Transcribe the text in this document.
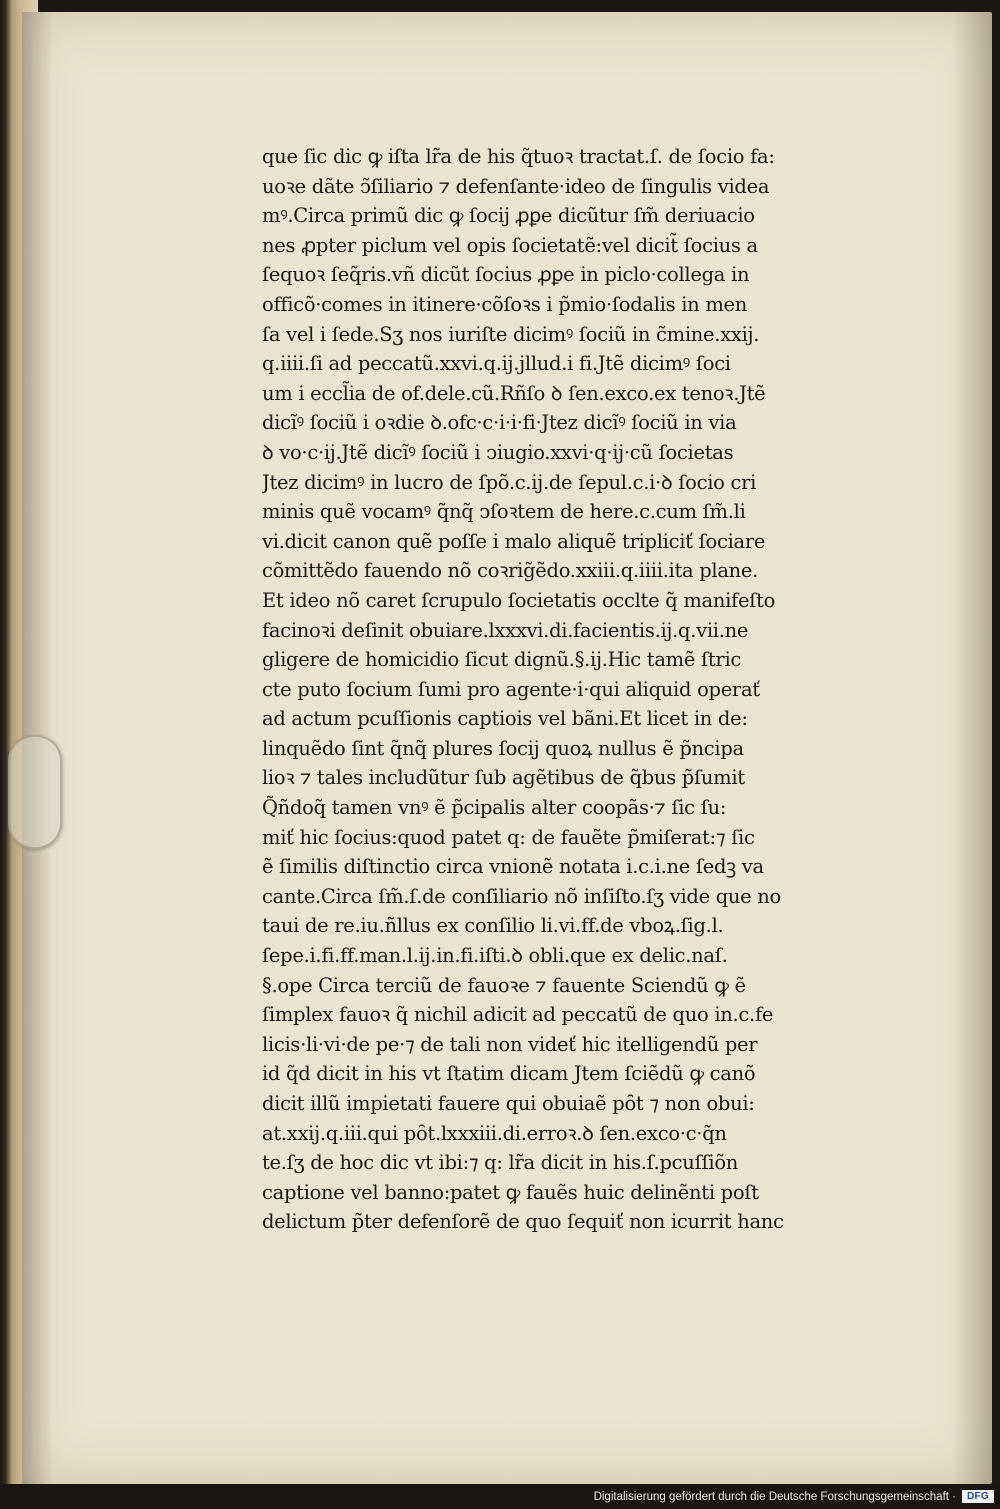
que ſic dic ꝙ iſta lr̃a de his q̃tuoꝛ tractat.ſ. de ſocio fa:
uoꝛe dãte ↄ̃ſiliario ⁊ defenſante·ideo de ſingulis videa
mꝰ.Circa primũ dic ꝙ ſocij ꝓꝑe dicũtur ſm̃ deriuacio
nes ꝓpter piclum vel opis ſocietatẽ:vel dicit̃ ſocius a
ſequoꝛ ſeq̃ris.vñ dicũt ſocius ꝓꝑe in piclo·collega in
officõ·comes in itinere·cõſoꝛs i p̃mio·ſodalis in men
ſa vel i ſede.Sʒ nos iuriſte dicimꝰ ſociũ in c̃mine.xxij.
q.iiii.ſi ad peccatũ.xxvi.q.ij.jllud.i fi.Jtẽ dicimꝰ ſoci
um i eccl̃ia de of.dele.cũ.Rñſo ꝺ ſen.exco.ex tenoꝛ.Jtẽ
dicĩꝰ ſociũ i oꝛdie ꝺ.ofc·c·i·i·fi·Jtez dicĩꝰ ſociũ in via
ꝺ vo·c·ij.Jtẽ dicĩꝰ ſociũ i ↄiugio.xxvi·q·ij·cũ ſocietas
Jtez dicimꝰ in lucro de ſpõ.c.ij.de ſepul.c.i·ꝺ ſocio cri
minis quẽ vocamꝰ q̃nq̃ ↄſoꝛtem de here.c.cum ſm̃.li
vi.dicit canon quẽ poſſe i malo aliquẽ tripliciť ſociare
cõmittẽdo fauendo nõ coꝛrig̃ẽdo.xxiii.q.iiii.ita plane.
Et ideo nõ caret ſcrupulo ſocietatis occlte q̃ manifeſto
facinoꝛi deſinit obuiare.lxxxvi.di.facientis.ij.q.vii.ne
gligere de homicidio ſicut dignũ.§.ij.Hic tamẽ ſtric
cte puto ſocium ſumi pro agente·i·qui aliquid operať
ad actum pcuſſionis captiois vel bãni.Et licet in de:
linquẽdo ſint q̃nq̃ plures ſocij quoꝝ nullus ẽ p̃ncipa
lioꝛ ⁊ tales includũtur ſub agẽtibus de q̃bus p̃ſumit
Q̃ñdoq̃ tamen vnꝰ ẽ p̃cipalis alter coopãs·⁊ ſic ſu:
miť hic ſocius:quod patet q: de fauẽte p̃miſerat:⁊ ſic
ẽ ſimilis diſtinctio circa vnionẽ notata i.c.i.ne ſedꝫ va
cante.Circa ſm̃.ſ.de conſiliario nõ inſiſto.ſʒ vide que no
taui de re.iu.ñllus ex conſilio li.vi.ff.de vboꝝ.ſig.l.
ſepe.i.fi.ff.man.l.ij.in.fi.iſti.ꝺ obli.que ex delic.naſ.
§.ope Circa terciũ de fauoꝛe ⁊ fauente Sciendũ ꝙ ẽ
ſimplex fauoꝛ q̃ nichil adicit ad peccatũ de quo in.c.fe
licis·li·vi·de pe·⁊ de tali non videť hic itelligendũ per
id q̃d dicit in his vt ſtatim dicam Jtem ſciẽdũ ꝙ canõ
dicit illũ impietati fauere qui obuiaẽ pȏt ⁊ non obui:
at.xxij.q.iii.qui pȏt.lxxxiii.di.erroꝛ.ꝺ ſen.exco·c·q̃n
te.ſʒ de hoc dic vt ibi:⁊ q: lr̃a dicit in his.ſ.pcuſſiõn
captione vel banno:patet ꝙ fauẽs huic delinẽnti poſt
delictum p̃ter defenſorẽ de quo ſequiť non icurrit hanc
Digitalisierung gefördert durch die Deutsche Forschungsgemeinschaft ·	DFG
